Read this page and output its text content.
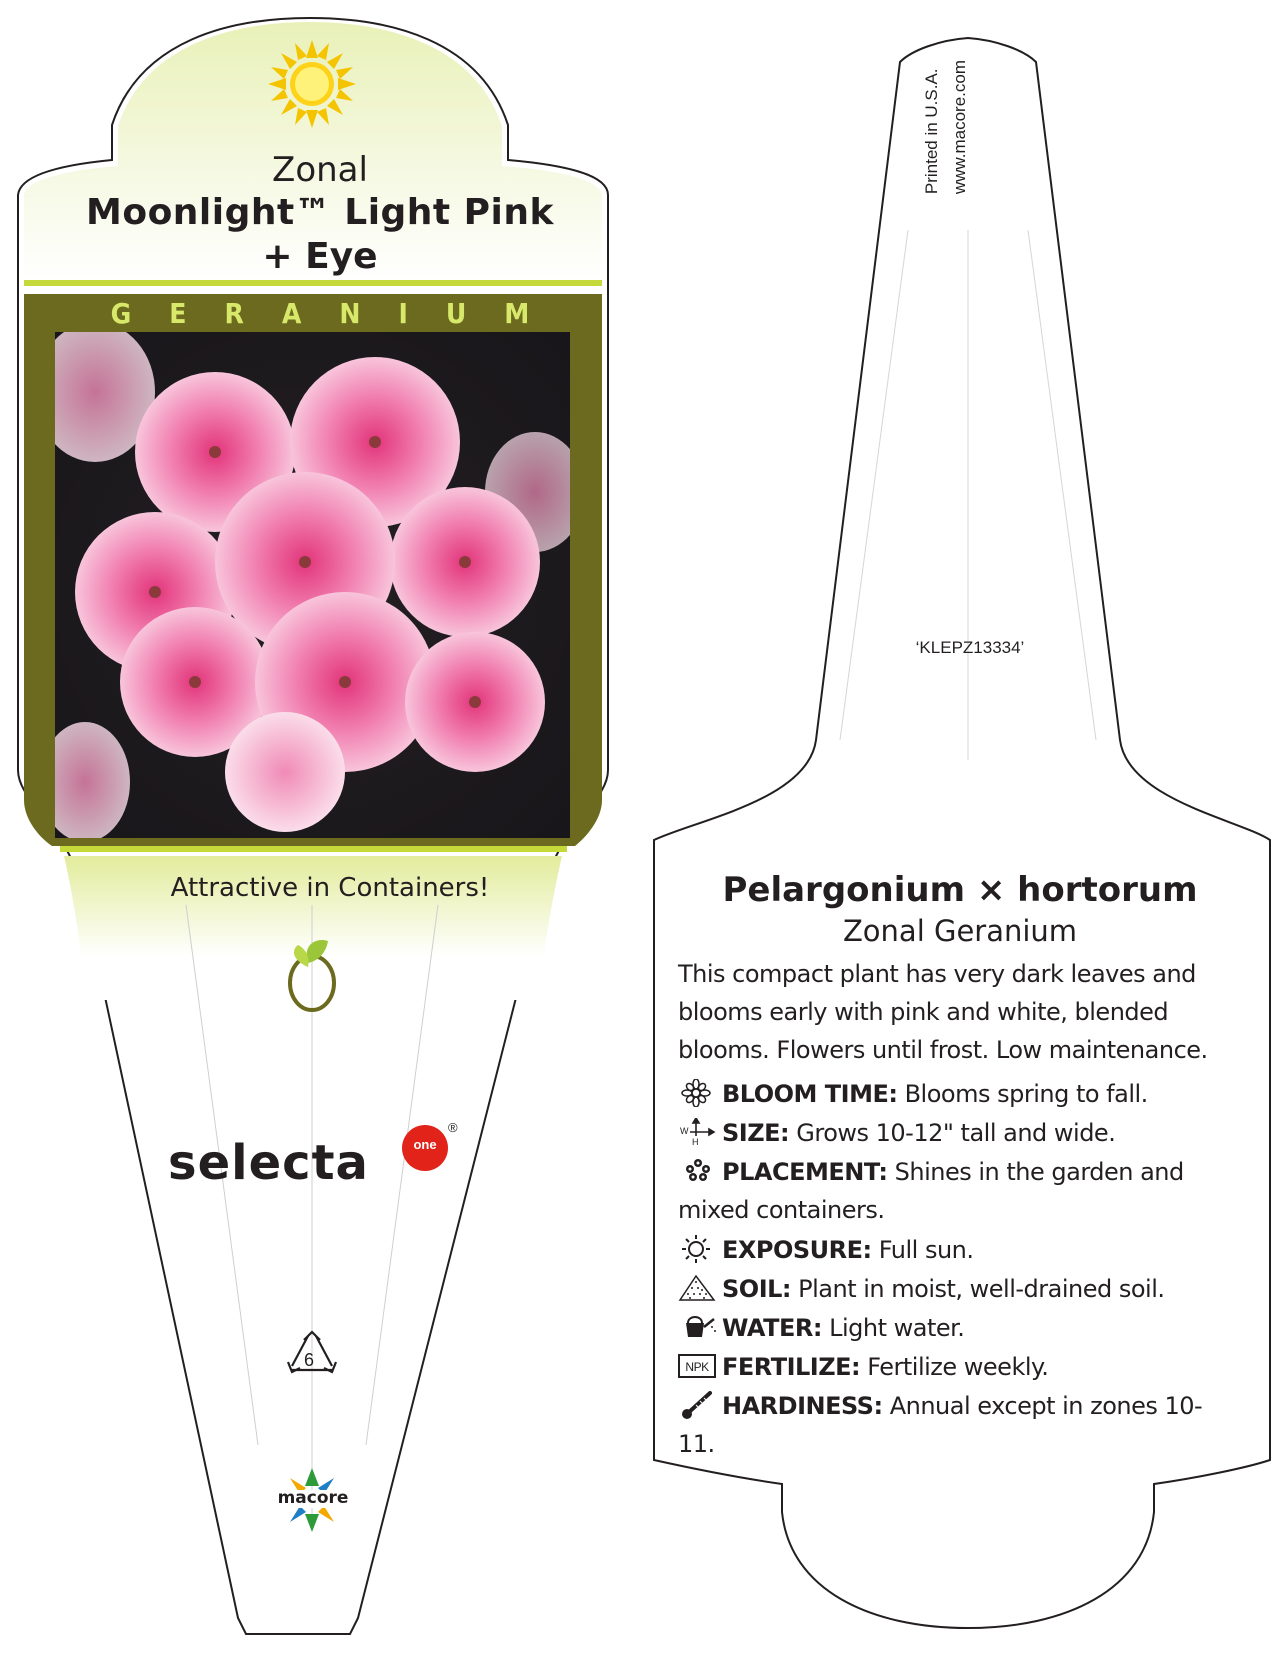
Zonal
Moonlight™ Light Pink
+ Eye
GERANIUM
Attractive in Containers!
selecta	one
®
6
macore
Printed in U.S.A. www.macore.com
‘KLEPZ13334’
Pelargonium × hortorum
Zonal Geranium
This compact plant has very dark leaves and blooms early with pink and white, blended blooms. Flowers until frost. Low maintenance.
BLOOM TIME: Blooms spring to fall.
W
H SIZE: Grows 10-12" tall and wide.
PLACEMENT: Shines in the garden and mixed containers.
EXPOSURE: Full sun.
SOIL: Plant in moist, well-drained soil.
WATER: Light water.
NPK FERTILIZE: Fertilize weekly.
HARDINESS: Annual except in zones 10-11.
